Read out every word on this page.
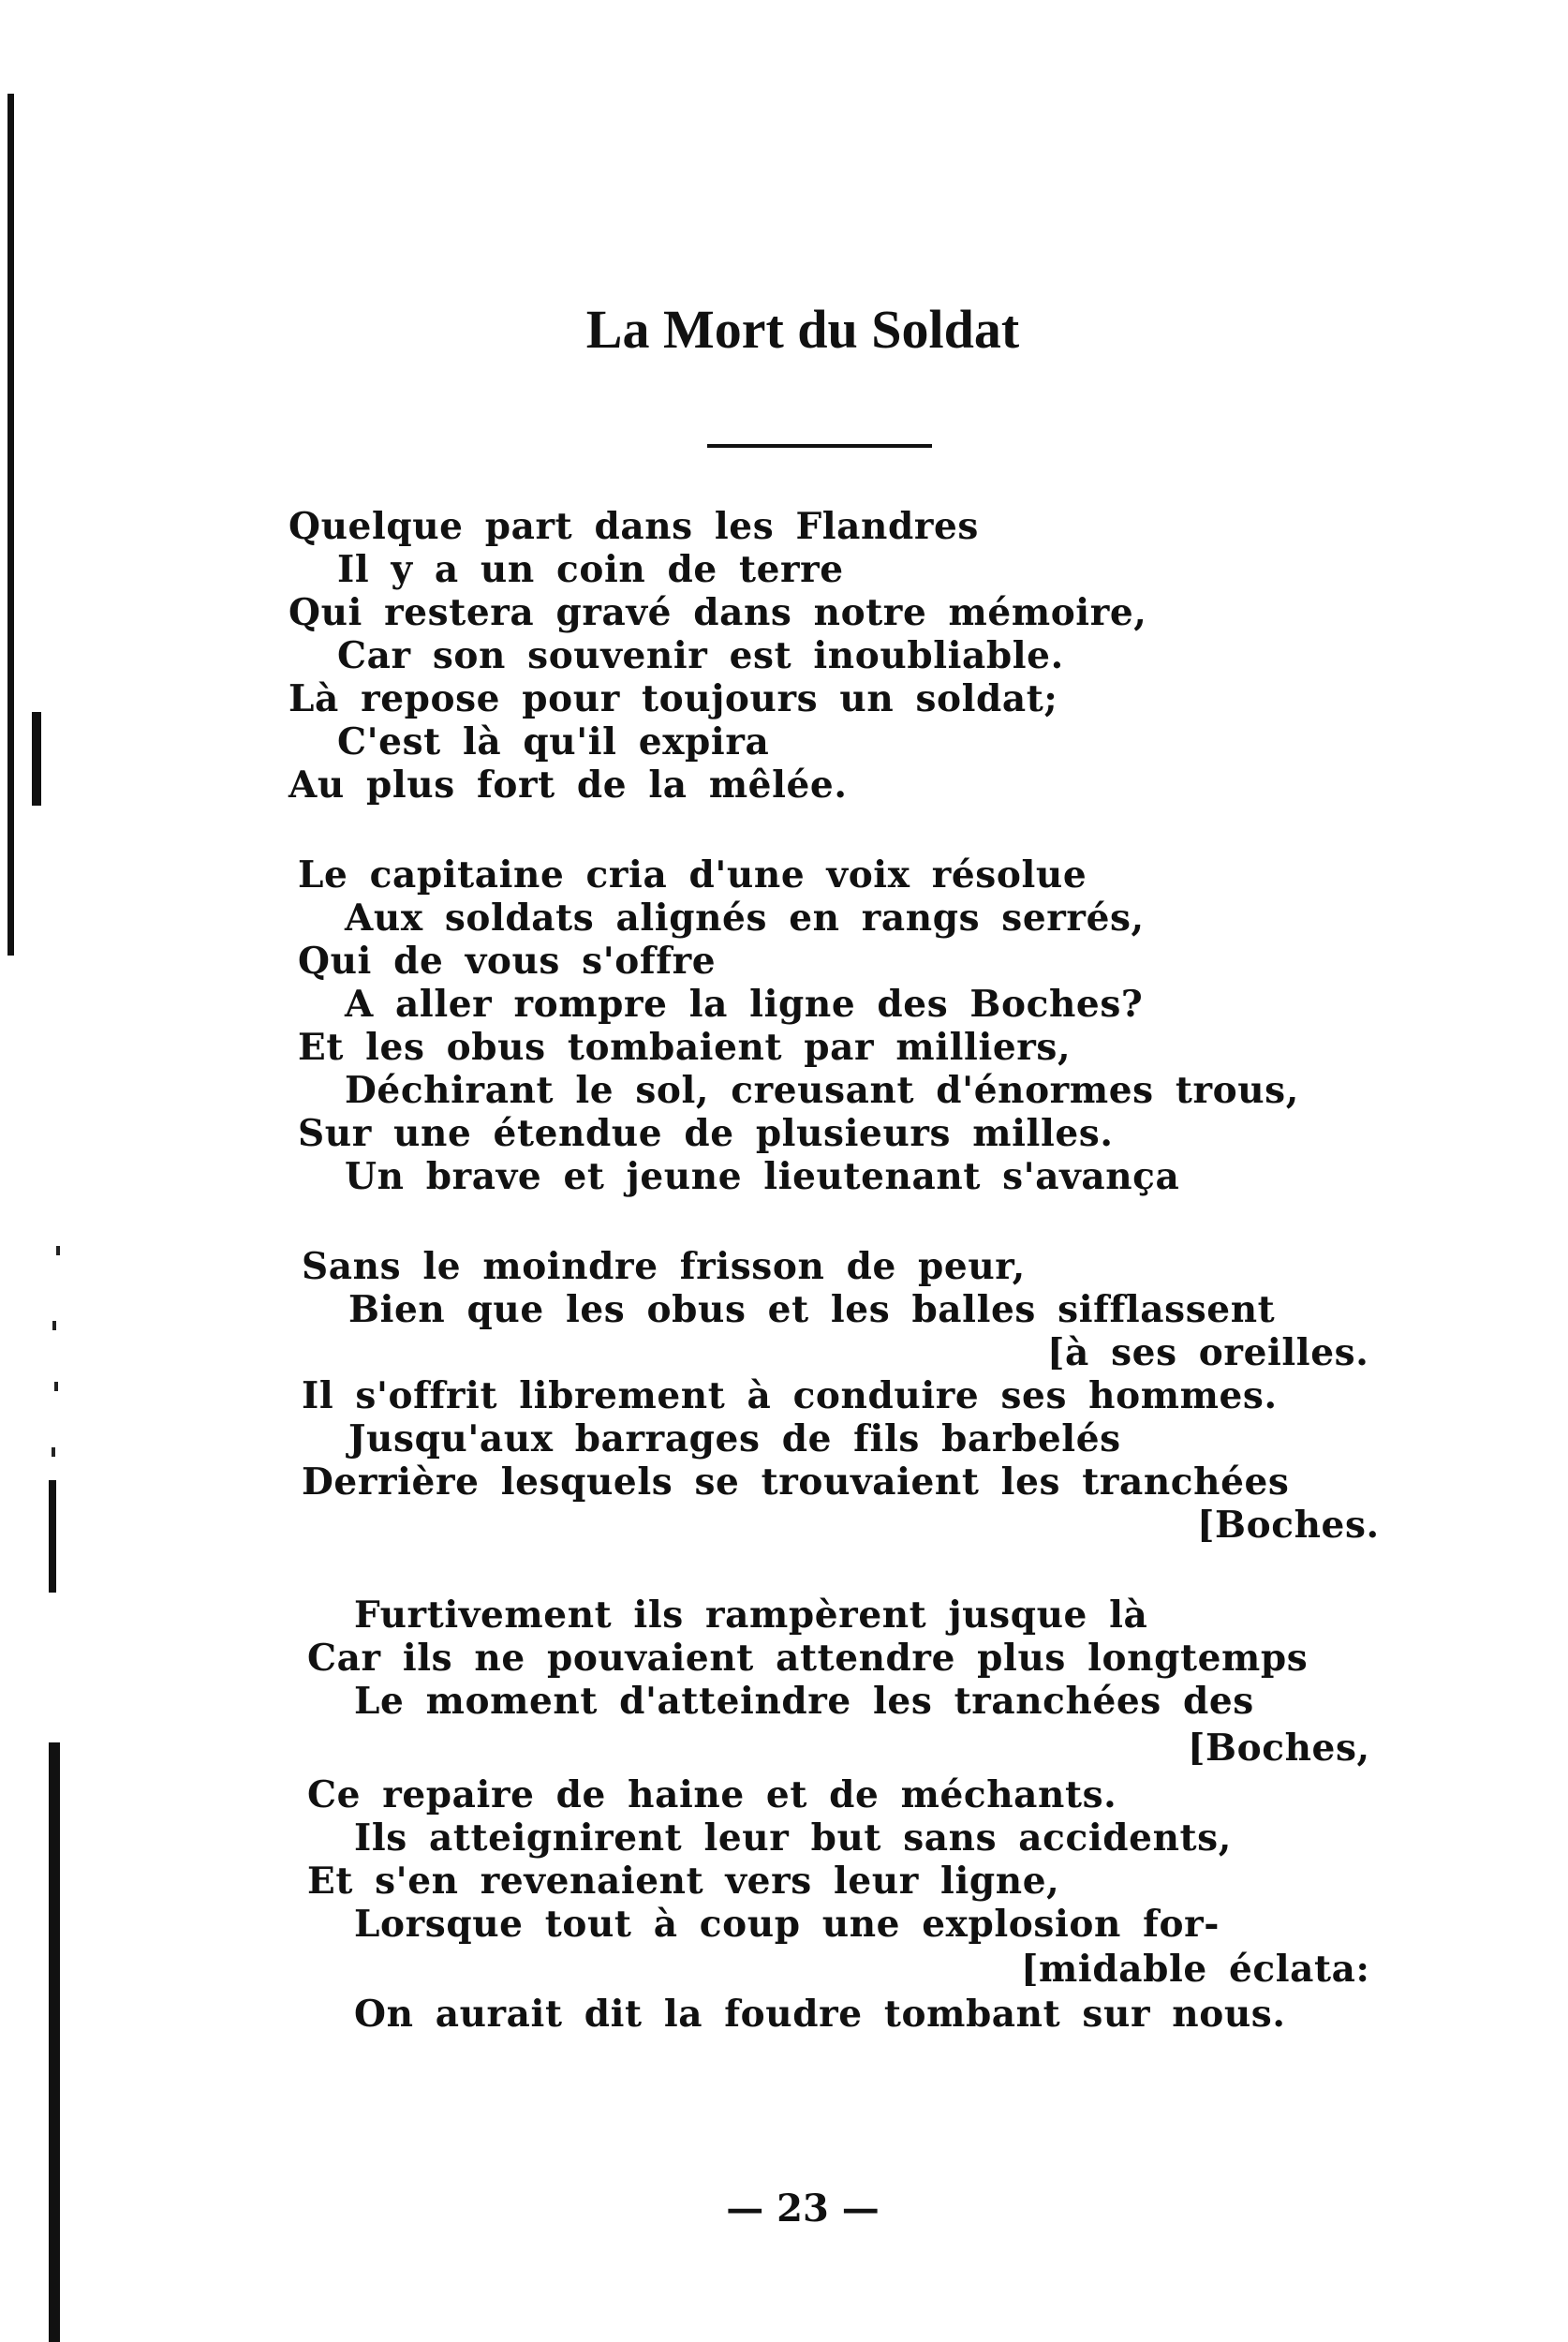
La Mort du Soldat
Quelque part dans les Flandres
Il y a un coin de terre
Qui restera gravé dans notre mémoire,
Car son souvenir est inoubliable.
Là repose pour toujours un soldat;
C'est là qu'il expira
Au plus fort de la mêlée.
Le capitaine cria d'une voix résolue
Aux soldats alignés en rangs serrés,
Qui de vous s'offre
A aller rompre la ligne des Boches?
Et les obus tombaient par milliers,
Déchirant le sol, creusant d'énormes trous,
Sur une étendue de plusieurs milles.
Un brave et jeune lieutenant s'avança
Sans le moindre frisson de peur,
Bien que les obus et les balles sifflassent
[à ses oreilles.
Il s'offrit librement à conduire ses hommes.
Jusqu'aux barrages de fils barbelés
Derrière lesquels se trouvaient les tranchées
[Boches.
Furtivement ils rampèrent jusque là
Car ils ne pouvaient attendre plus longtemps
Le moment d'atteindre les tranchées des
[Boches,
Ce repaire de haine et de méchants.
Ils atteignirent leur but sans accidents,
Et s'en revenaient vers leur ligne,
Lorsque tout à coup une explosion for-
[midable éclata:
On aurait dit la foudre tombant sur nous.
— 23 —
